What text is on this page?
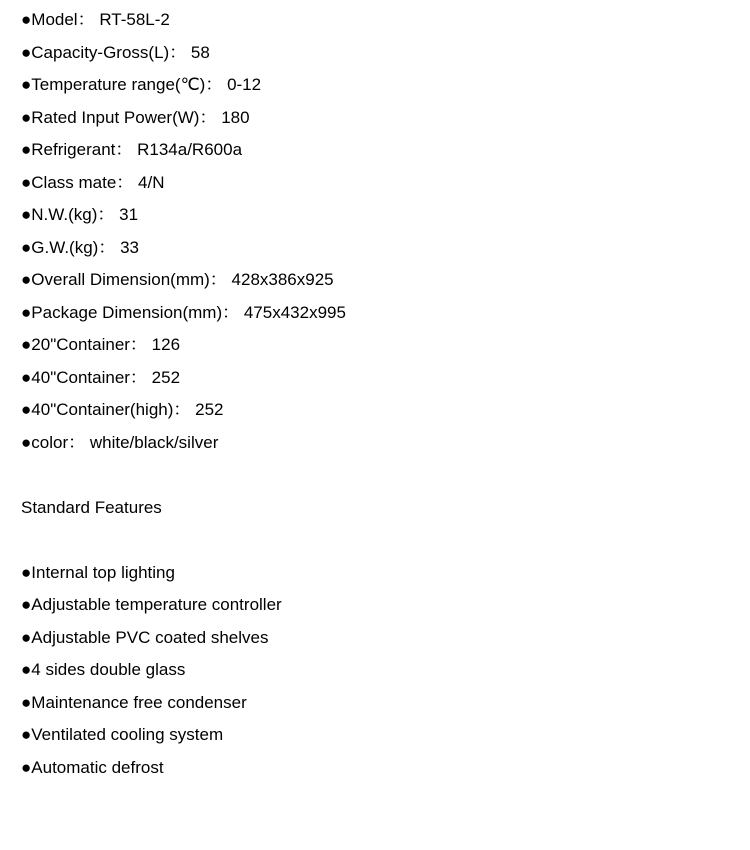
●Model： RT-58L-2
●Capacity-Gross(L)： 58
●Temperature range(℃)： 0-12
●Rated Input Power(W)： 180
●Refrigerant： R134a/R600a
●Class mate： 4/N
●N.W.(kg)： 31
●G.W.(kg)： 33
●Overall Dimension(mm)： 428x386x925
●Package Dimension(mm)： 475x432x995
●20"Container： 126
●40"Container： 252
●40"Container(high)： 252
●color： white/black/silver
Standard Features
●Internal top lighting
●Adjustable temperature controller
●Adjustable PVC coated shelves
●4 sides double glass
●Maintenance free condenser
●Ventilated cooling system
●Automatic defrost
